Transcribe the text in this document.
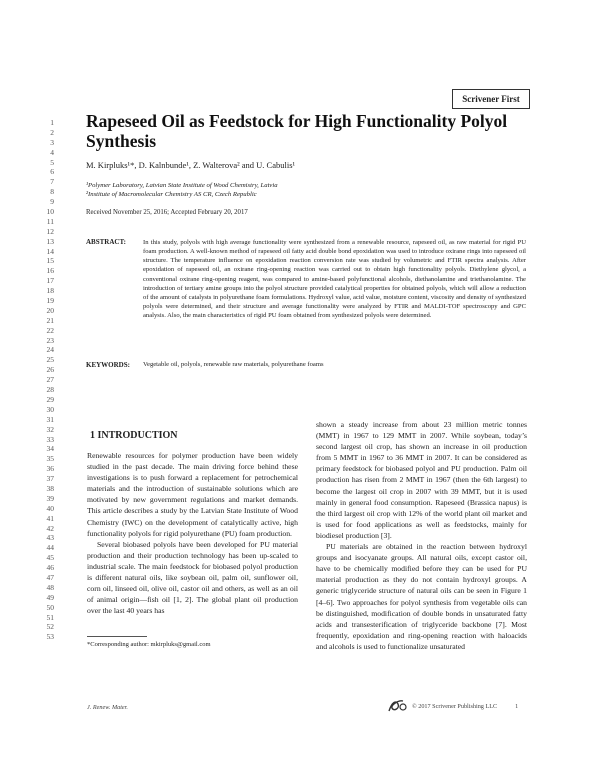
Scrivener First
1
2
3
4
5
6
7
8
9
10
11
12
13
14
15
16
17
18
19
20
21
22
23
24
25
26
27
28
29
30
31
32
33
34
35
36
37
38
39
40
41
42
43
44
45
46
47
48
49
50
51
52
53
Rapeseed Oil as Feedstock for High Functionality Polyol Synthesis
M. Kirpluks¹*, D. Kalnbunde¹, Z. Walterova² and U. Cabulis¹
¹Polymer Laboratory, Latvian State Institute of Wood Chemistry, Latvia
²Institute of Macromolecular Chemistry AS CR, Czech Republic
Received November 25, 2016; Accepted February 20, 2017
ABSTRACT:	In this study, polyols with high average functionality were synthesized from a renewable resource, rapeseed oil, as raw material for rigid PU foam production. A well-known method of rapeseed oil fatty acid double bond epoxidation was used to introduce oxirane rings into rapeseed oil structure. The temperature influence on epoxidation reaction conversion rate was studied by volumetric and FTIR spectra analysis. After epoxidation of rapeseed oil, an oxirane ring-opening reaction was carried out to obtain high functionality polyols. Diethylene glycol, a conventional oxirane ring-opening reagent, was compared to amine-based polyfunctional alcohols, diethanolamine and triethanolamine. The introduction of tertiary amine groups into the polyol structure provided catalytical properties for obtained polyols, which will allow a reduction of the amount of catalysts in polyurethane foam formulations. Hydroxyl value, acid value, moisture content, viscosity and density of synthesized polyols were determined, and their structure and average functionality were analyzed by FTIR and MALDI-TOF spectroscopy and GPC analysis. Also, the main characteristics of rigid PU foam obtained from synthesized polyols were determined.

KEYWORDS: Vegetable oil, polyols, renewable raw materials, polyurethane foams
1 INTRODUCTION

Renewable resources for polymer production have been widely studied in the past decade. The main driving force behind these investigations is to push forward a replacement for petrochemical materials and the introduction of sustainable solutions which are motivated by new government regulations and market demands. This article describes a study by the Latvian State Institute of Wood Chemistry (IWC) on the development of catalytically active, high functionality polyols for rigid polyurethane (PU) foam production.

Several biobased polyols have been developed for PU material production and their production technology has been up-scaled to industrial scale. The main feedstock for biobased polyol production is different natural oils, like soybean oil, palm oil, sunflower oil, corn oil, linseed oil, olive oil, castor oil and others, as well as an oil of animal origin—fish oil [1, 2]. The global plant oil production over the last 40 years has

shown a steady increase from about 23 million metric tonnes (MMT) in 1967 to 129 MMT in 2007. While soybean, today’s second largest oil crop, has shown an increase in oil production from 5 MMT in 1967 to 36 MMT in 2007. It can be considered as primary feedstock for biobased polyol and PU production. Palm oil production has risen from 2 MMT in 1967 (then the 6th largest) to become the largest oil crop in 2007 with 39 MMT, but it is used mainly in general food consumption. Rapeseed (Brassica napus) is the third largest oil crop with 12% of the world plant oil market and is used for food applications as well as feedstocks, mainly for biodiesel production [3].

PU materials are obtained in the reaction between hydroxyl groups and isocyanate groups. All natural oils, except castor oil, have to be chemically modified before they can be used for PU material production as they do not contain hydroxyl groups. A generic triglyceride structure of natural oils can be seen in Figure 1 [4–6]. Two approaches for polyol synthesis from vegetable oils can be distinguished, modification of double bonds in unsaturated fatty acids and transesterification of triglyceride backbone [7]. Most frequently, epoxidation and ring-opening reaction with haloacids and alcohols is used to functionalize unsaturated

*Corresponding author: mkirpluks@gmail.com
J. Renew. Mater.	© 2017 Scrivener Publishing LLC	1
